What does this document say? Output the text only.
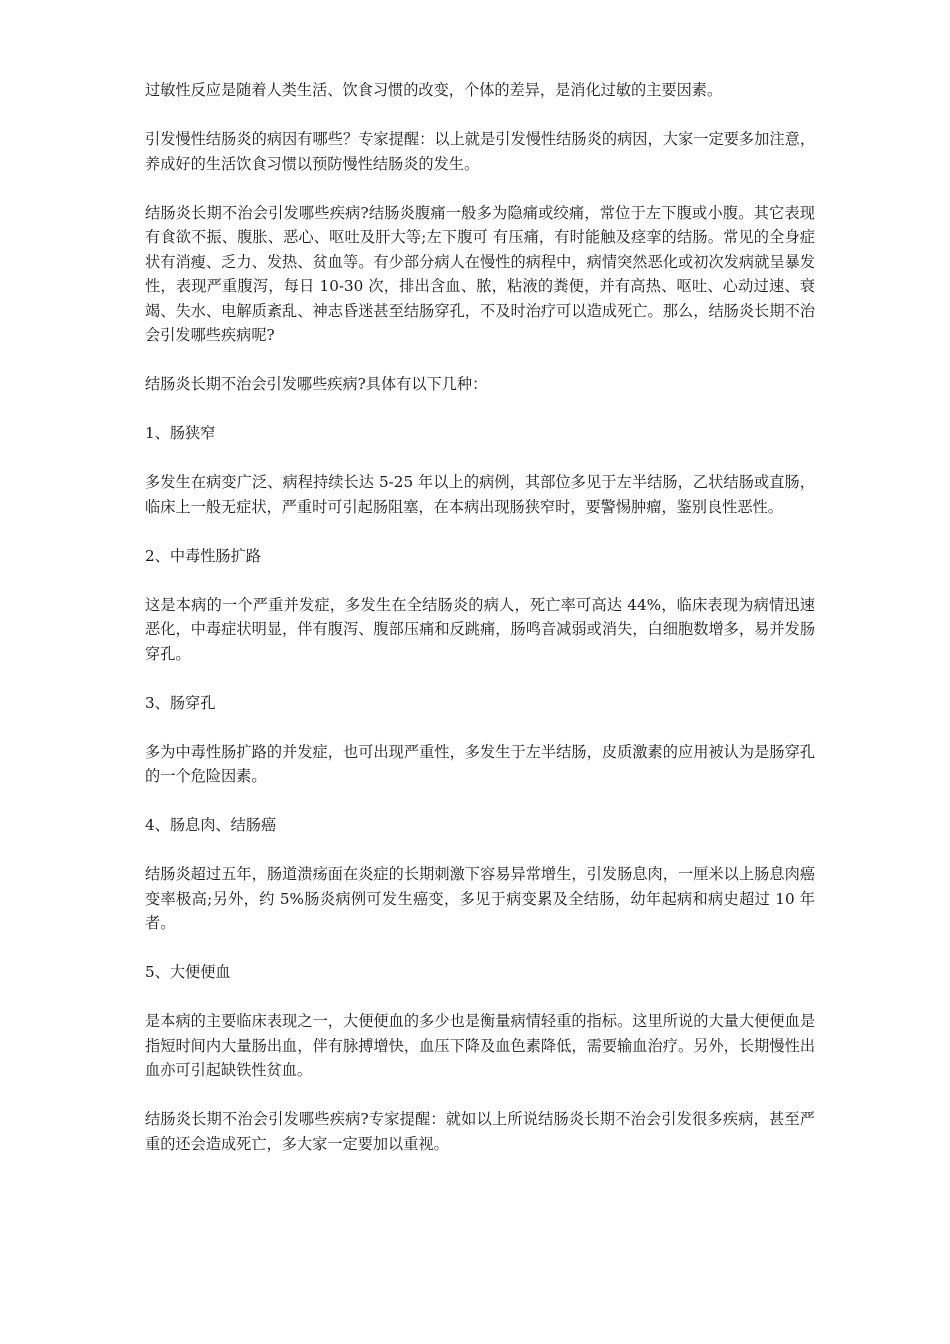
过敏性反应是随着人类生活、饮食习惯的改变，个体的差异，是消化过敏的主要因素。

引发慢性结肠炎的病因有哪些？专家提醒：以上就是引发慢性结肠炎的病因，大家一定要多加注意，养成好的生活饮食习惯以预防慢性结肠炎的发生。

结肠炎长期不治会引发哪些疾病?结肠炎腹痛一般多为隐痛或绞痛，常位于左下腹或小腹。其它表现有食欲不振、腹胀、恶心、呕吐及肝大等;左下腹可 有压痛，有时能触及痉挛的结肠。常见的全身症状有消瘦、乏力、发热、贫血等。有少部分病人在慢性的病程中，病情突然恶化或初次发病就呈暴发性，表现严重腹泻，每日 10-30 次，排出含血、脓，粘液的粪便，并有高热、呕吐、心动过速、衰竭、失水、电解质紊乱、神志昏迷甚至结肠穿孔，不及时治疗可以造成死亡。那么，结肠炎长期不治会引发哪些疾病呢?

结肠炎长期不治会引发哪些疾病?具体有以下几种：

1、肠狭窄

多发生在病变广泛、病程持续长达 5-25 年以上的病例，其部位多见于左半结肠，乙状结肠或直肠，临床上一般无症状，严重时可引起肠阻塞，在本病出现肠狭窄时，要警惕肿瘤，鉴别良性恶性。

2、中毒性肠扩路

这是本病的一个严重并发症，多发生在全结肠炎的病人，死亡率可高达 44%，临床表现为病情迅速恶化，中毒症状明显，伴有腹泻、腹部压痛和反跳痛，肠鸣音减弱或消失，白细胞数增多，易并发肠穿孔。

3、肠穿孔

多为中毒性肠扩路的并发症，也可出现严重性，多发生于左半结肠，皮质激素的应用被认为是肠穿孔的一个危险因素。

4、肠息肉、结肠癌

结肠炎超过五年，肠道溃疡面在炎症的长期刺激下容易异常增生，引发肠息肉，一厘米以上肠息肉癌变率极高;另外，约 5%肠炎病例可发生癌变，多见于病变累及全结肠，幼年起病和病史超过 10 年者。

5、大便便血

是本病的主要临床表现之一，大便便血的多少也是衡量病情轻重的指标。这里所说的大量大便便血是指短时间内大量肠出血，伴有脉搏增快，血压下降及血色素降低，需要输血治疗。另外，长期慢性出血亦可引起缺铁性贫血。

结肠炎长期不治会引发哪些疾病?专家提醒：就如以上所说结肠炎长期不治会引发很多疾病，甚至严重的还会造成死亡，多大家一定要加以重视。
